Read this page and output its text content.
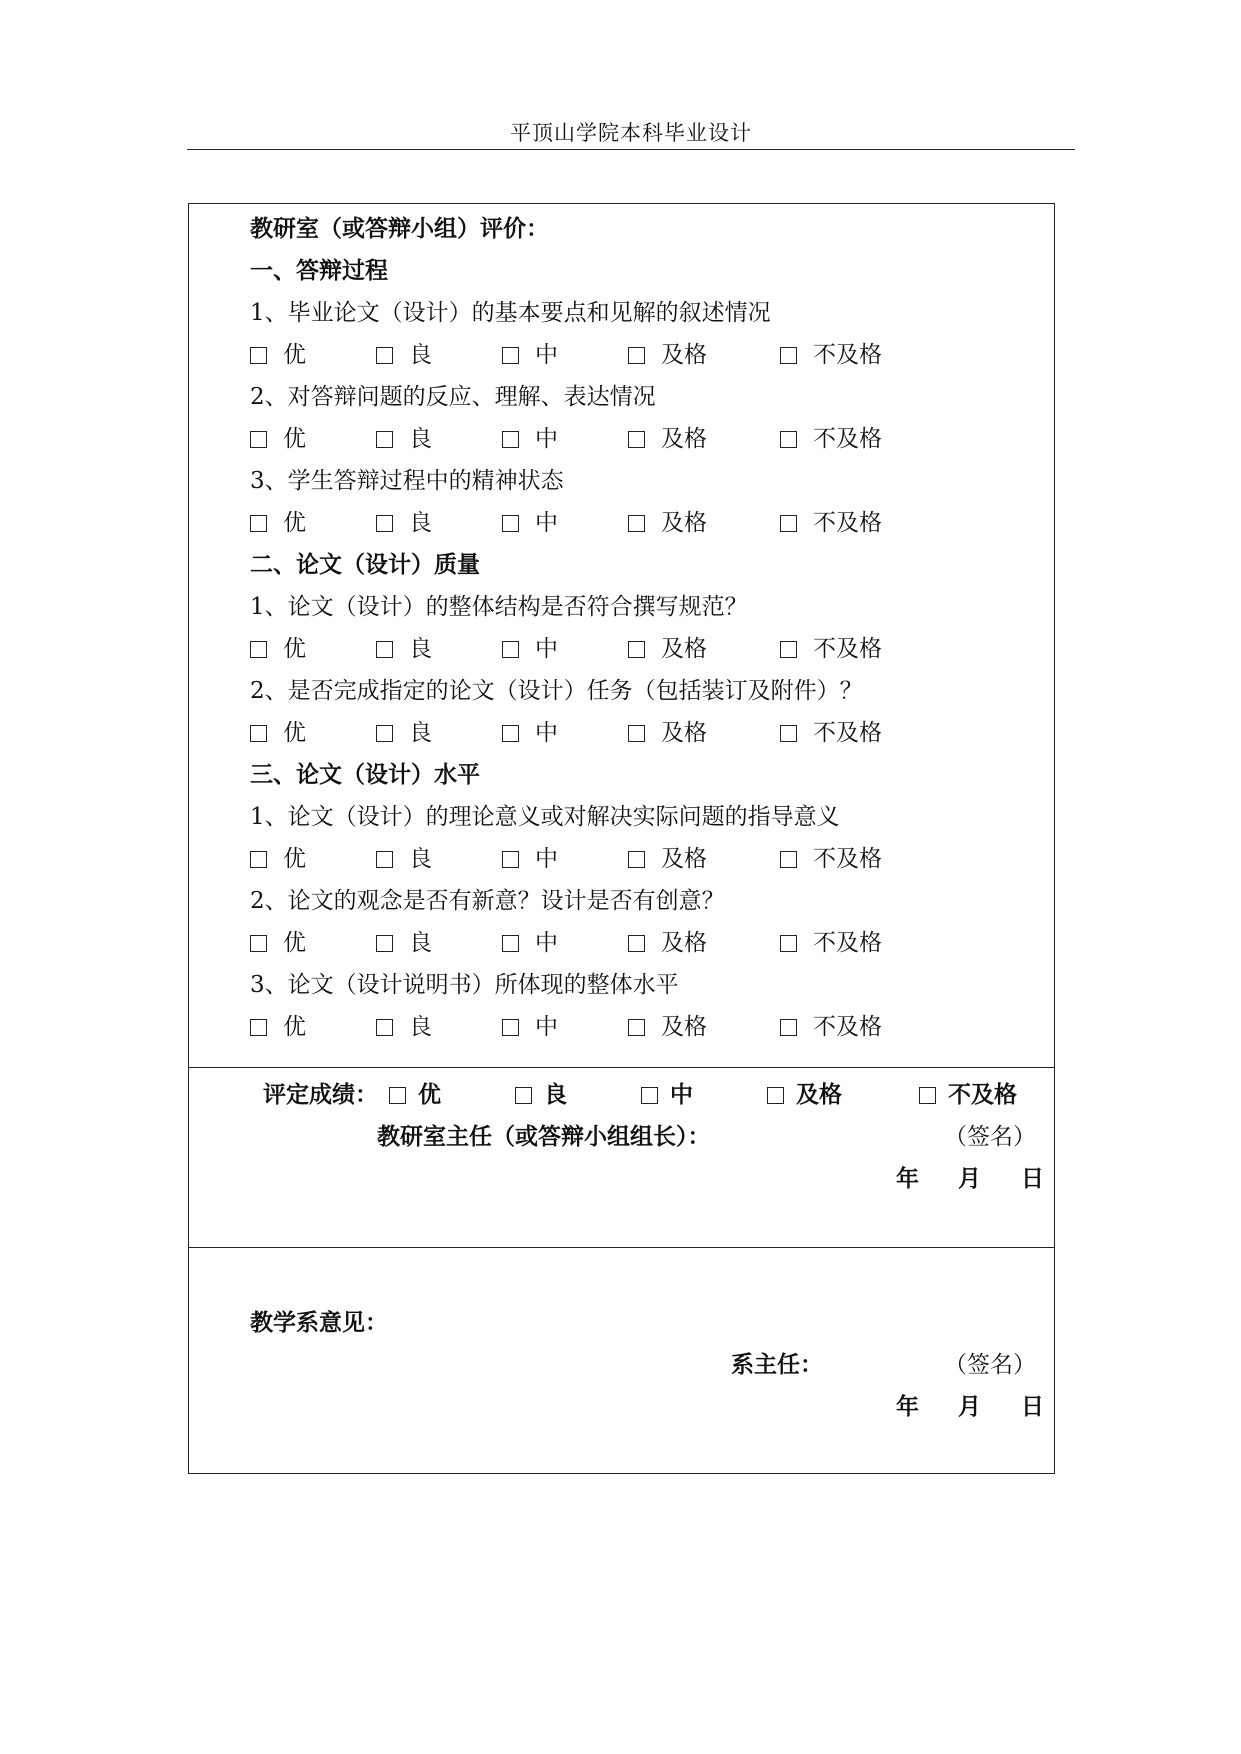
平顶山学院本科毕业设计
教研室（或答辩小组）评价：
一、答辩过程
1、毕业论文（设计）的基本要点和见解的叙述情况
优	良	中	及格	不及格
2、对答辩问题的反应、理解、表达情况
优	良	中	及格	不及格
3、学生答辩过程中的精神状态
优	良	中	及格	不及格
二、论文（设计）质量
1、论文（设计）的整体结构是否符合撰写规范？
优	良	中	及格	不及格
2、是否完成指定的论文（设计）任务（包括装订及附件）？
优	良	中	及格	不及格
三、论文（设计）水平
1、论文（设计）的理论意义或对解决实际问题的指导意义
优	良	中	及格	不及格
2、论文的观念是否有新意？设计是否有创意？
优	良	中	及格	不及格
3、论文（设计说明书）所体现的整体水平
优	良	中	及格	不及格
评定成绩：	优	良	中	及格	不及格
教研室主任（或答辩小组组长）：	（签名）
年 月 日
教学系意见：
系主任：	（签名）
年 月 日
